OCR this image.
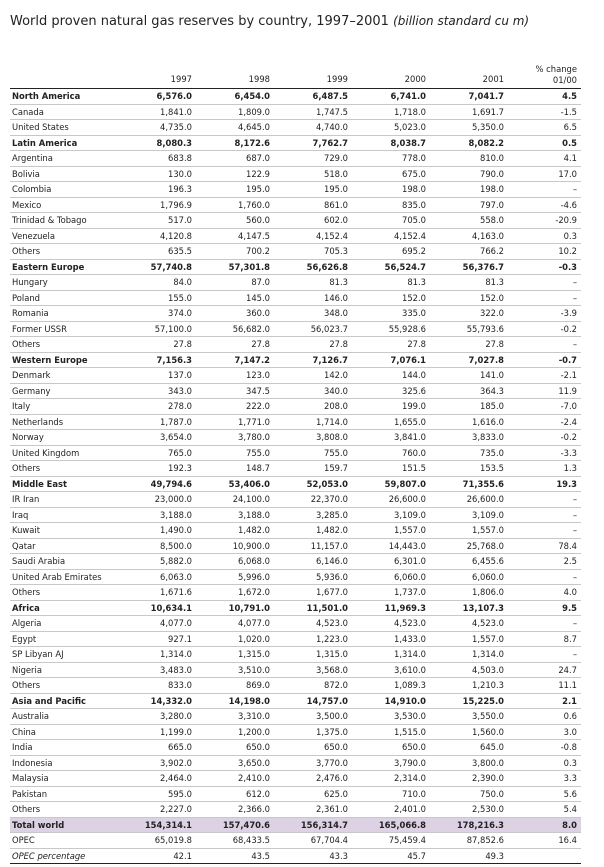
World proven natural gas reserves by country, 1997–2001 (billion standard cu m)
	1997	1998	1999	2000	2001	% change
01/00

North America	6,576.0	6,454.0	6,487.5	6,741.0	7,041.7	4.5
Canada	1,841.0	1,809.0	1,747.5	1,718.0	1,691.7	-1.5
United States	4,735.0	4,645.0	4,740.0	5,023.0	5,350.0	6.5
Latin America	8,080.3	8,172.6	7,762.7	8,038.7	8,082.2	0.5
Argentina	683.8	687.0	729.0	778.0	810.0	4.1
Bolivia	130.0	122.9	518.0	675.0	790.0	17.0
Colombia	196.3	195.0	195.0	198.0	198.0	–
Mexico	1,796.9	1,760.0	861.0	835.0	797.0	-4.6
Trinidad & Tobago	517.0	560.0	602.0	705.0	558.0	-20.9
Venezuela	4,120.8	4,147.5	4,152.4	4,152.4	4,163.0	0.3
Others	635.5	700.2	705.3	695.2	766.2	10.2
Eastern Europe	57,740.8	57,301.8	56,626.8	56,524.7	56,376.7	-0.3
Hungary	84.0	87.0	81.3	81.3	81.3	–
Poland	155.0	145.0	146.0	152.0	152.0	–
Romania	374.0	360.0	348.0	335.0	322.0	-3.9
Former USSR	57,100.0	56,682.0	56,023.7	55,928.6	55,793.6	-0.2
Others	27.8	27.8	27.8	27.8	27.8	–
Western Europe	7,156.3	7,147.2	7,126.7	7,076.1	7,027.8	-0.7
Denmark	137.0	123.0	142.0	144.0	141.0	-2.1
Germany	343.0	347.5	340.0	325.6	364.3	11.9
Italy	278.0	222.0	208.0	199.0	185.0	-7.0
Netherlands	1,787.0	1,771.0	1,714.0	1,655.0	1,616.0	-2.4
Norway	3,654.0	3,780.0	3,808.0	3,841.0	3,833.0	-0.2
United Kingdom	765.0	755.0	755.0	760.0	735.0	-3.3
Others	192.3	148.7	159.7	151.5	153.5	1.3
Middle East	49,794.6	53,406.0	52,053.0	59,807.0	71,355.6	19.3
IR Iran	23,000.0	24,100.0	22,370.0	26,600.0	26,600.0	–
Iraq	3,188.0	3,188.0	3,285.0	3,109.0	3,109.0	–
Kuwait	1,490.0	1,482.0	1,482.0	1,557.0	1,557.0	–
Qatar	8,500.0	10,900.0	11,157.0	14,443.0	25,768.0	78.4
Saudi Arabia	5,882.0	6,068.0	6,146.0	6,301.0	6,455.6	2.5
United Arab Emirates	6,063.0	5,996.0	5,936.0	6,060.0	6,060.0	–
Others	1,671.6	1,672.0	1,677.0	1,737.0	1,806.0	4.0
Africa	10,634.1	10,791.0	11,501.0	11,969.3	13,107.3	9.5
Algeria	4,077.0	4,077.0	4,523.0	4,523.0	4,523.0	–
Egypt	927.1	1,020.0	1,223.0	1,433.0	1,557.0	8.7
SP Libyan AJ	1,314.0	1,315.0	1,315.0	1,314.0	1,314.0	–
Nigeria	3,483.0	3,510.0	3,568.0	3,610.0	4,503.0	24.7
Others	833.0	869.0	872.0	1,089.3	1,210.3	11.1
Asia and Pacific	14,332.0	14,198.0	14,757.0	14,910.0	15,225.0	2.1
Australia	3,280.0	3,310.0	3,500.0	3,530.0	3,550.0	0.6
China	1,199.0	1,200.0	1,375.0	1,515.0	1,560.0	3.0
India	665.0	650.0	650.0	650.0	645.0	-0.8
Indonesia	3,902.0	3,650.0	3,770.0	3,790.0	3,800.0	0.3
Malaysia	2,464.0	2,410.0	2,476.0	2,314.0	2,390.0	3.3
Pakistan	595.0	612.0	625.0	710.0	750.0	5.6
Others	2,227.0	2,366.0	2,361.0	2,401.0	2,530.0	5.4
Total world	154,314.1	157,470.6	156,314.7	165,066.8	178,216.3	8.0
OPEC	65,019.8	68,433.5	67,704.4	75,459.4	87,852.6	16.4
OPEC percentage	42.1	43.5	43.3	45.7	49.3	
